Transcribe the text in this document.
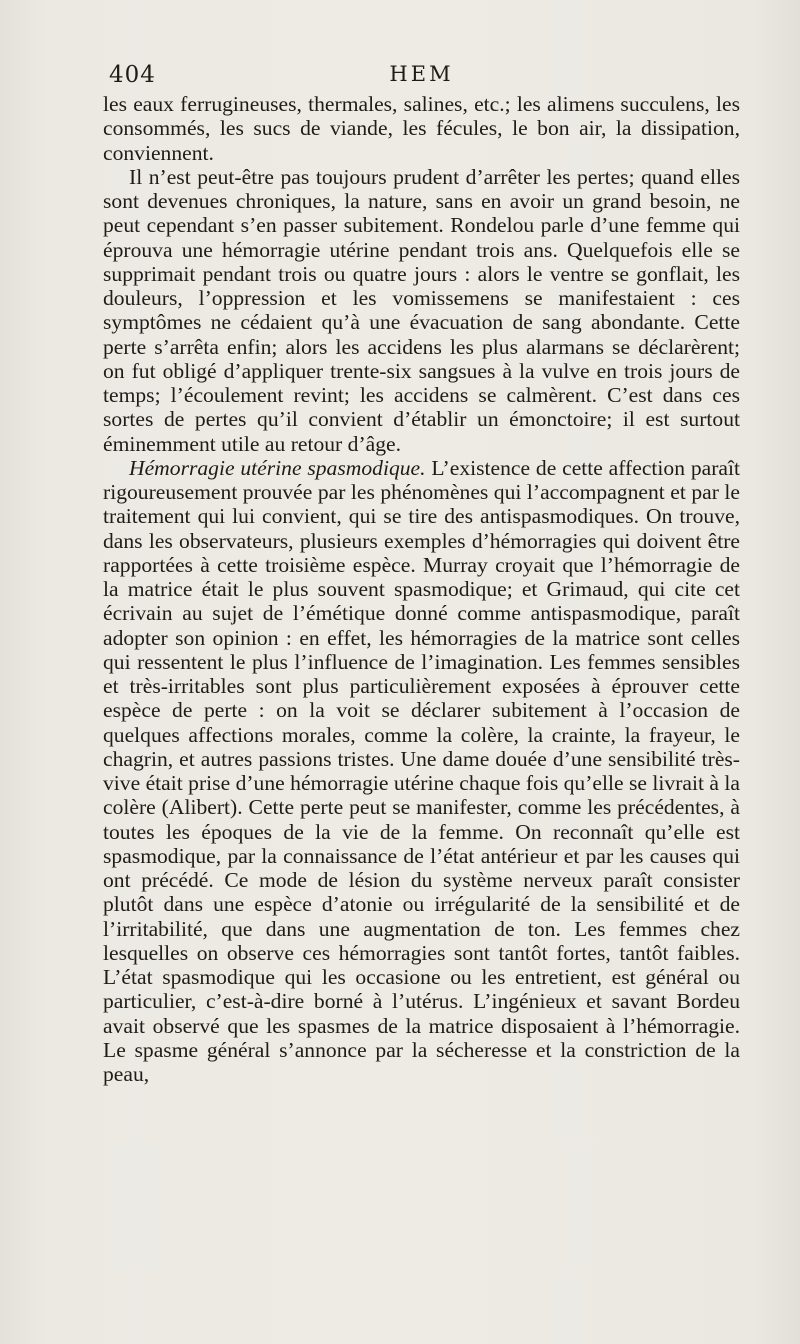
404	HEM

les eaux ferrugineuses, thermales, salines, etc.; les alimens succulens, les consommés, les sucs de viande, les fécules, le bon air, la dissipation, conviennent.

Il n’est peut-être pas toujours prudent d’arrêter les pertes; quand elles sont devenues chroniques, la nature, sans en avoir un grand besoin, ne peut cependant s’en passer subitement. Rondelou parle d’une femme qui éprouva une hémorragie utérine pendant trois ans. Quelquefois elle se supprimait pendant trois ou quatre jours : alors le ventre se gonflait, les douleurs, l’oppression et les vomissemens se manifestaient : ces symptômes ne cédaient qu’à une évacuation de sang abondante. Cette perte s’arrêta enfin; alors les accidens les plus alarmans se déclarèrent; on fut obligé d’appliquer trente-six sangsues à la vulve en trois jours de temps; l’écoulement revint; les accidens se calmèrent. C’est dans ces sortes de pertes qu’il convient d’établir un émonctoire; il est surtout éminemment utile au retour d’âge.

Hémorragie utérine spasmodique. L’existence de cette affection paraît rigoureusement prouvée par les phénomènes qui l’accompagnent et par le traitement qui lui convient, qui se tire des antispasmodiques. On trouve, dans les observateurs, plusieurs exemples d’hémorragies qui doivent être rapportées à cette troisième espèce. Murray croyait que l’hémorragie de la matrice était le plus souvent spasmodique; et Grimaud, qui cite cet écrivain au sujet de l’émétique donné comme antispasmodique, paraît adopter son opinion : en effet, les hémorragies de la matrice sont celles qui ressentent le plus l’influence de l’imagination. Les femmes sensibles et très-irritables sont plus particulièrement exposées à éprouver cette espèce de perte : on la voit se déclarer subitement à l’occasion de quelques affections morales, comme la colère, la crainte, la frayeur, le chagrin, et autres passions tristes. Une dame douée d’une sensibilité très-vive était prise d’une hémorragie utérine chaque fois qu’elle se livrait à la colère (Alibert). Cette perte peut se manifester, comme les précédentes, à toutes les époques de la vie de la femme. On reconnaît qu’elle est spasmodique, par la connaissance de l’état antérieur et par les causes qui ont précédé. Ce mode de lésion du système nerveux paraît consister plutôt dans une espèce d’atonie ou irrégularité de la sensibilité et de l’irritabilité, que dans une augmentation de ton. Les femmes chez lesquelles on observe ces hémorragies sont tantôt fortes, tantôt faibles. L’état spasmodique qui les occasione ou les entretient, est général ou particulier, c’est-à-dire borné à l’utérus. L’ingénieux et savant Bordeu avait observé que les spasmes de la matrice disposaient à l’hémorragie. Le spasme général s’annonce par la sécheresse et la constriction de la peau,
